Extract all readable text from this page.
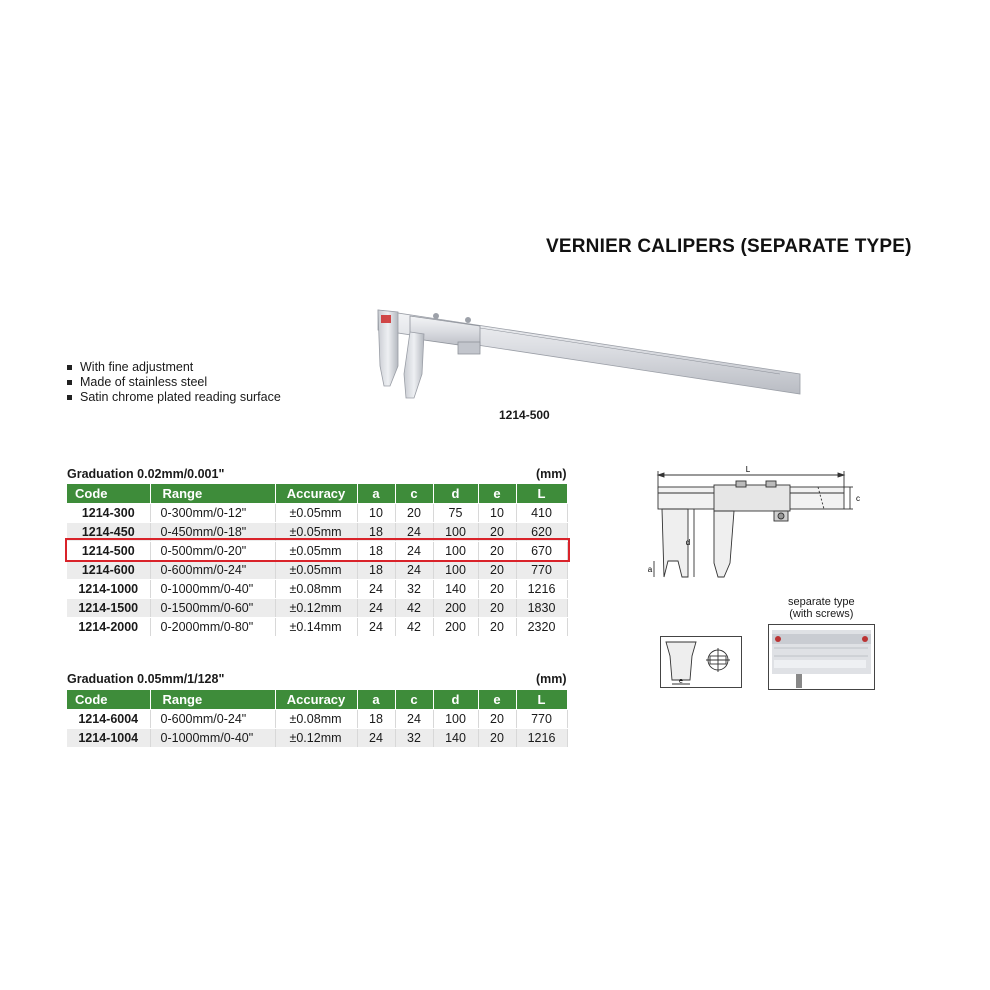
VERNIER CALIPERS (SEPARATE TYPE)
With fine adjustment
Made of stainless steel
Satin chrome plated reading surface
1214-500
Graduation 0.02mm/0.001"	(mm)
Code	Range	Accuracy	a	c	d	e	L
1214-300	0-300mm/0-12"	±0.05mm	10	20	75	10	410
1214-450	0-450mm/0-18"	±0.05mm	18	24	100	20	620
1214-500	0-500mm/0-20"	±0.05mm	18	24	100	20	670
1214-600	0-600mm/0-24"	±0.05mm	18	24	100	20	770
1214-1000	0-1000mm/0-40"	±0.08mm	24	32	140	20	1216
1214-1500	0-1500mm/0-60"	±0.12mm	24	42	200	20	1830
1214-2000	0-2000mm/0-80"	±0.14mm	24	42	200	20	2320
Graduation 0.05mm/1/128"	(mm)
Code	Range	Accuracy	a	c	d	e	L
1214-6004	0-600mm/0-24"	±0.08mm	18	24	100	20	770
1214-1004	0-1000mm/0-40"	±0.12mm	24	32	140	20	1216
L
c
d
a
separate type
(with screws)
e
